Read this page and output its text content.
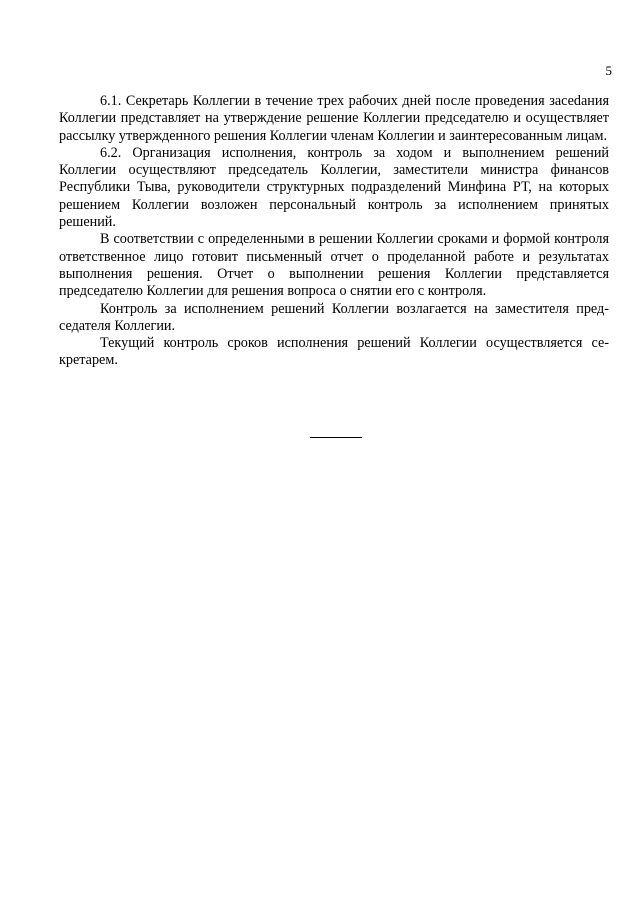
5

6.1. Секретарь Коллегии в течение трех рабочих дней после проведения засеdания Коллегии представляет на утверждение решение Коллегии председателю и осуществляет рассылку утвержденного решения Коллегии членам Коллегии и заинтересованным лицам.

6.2. Организация исполнения, контроль за ходом и выполнением решений Коллегии осуществляют председатель Коллегии, заместители министра финансов Республики Тыва, руководители структурных подразделений Минфина РТ, на которых решением Коллегии возложен персональный контроль за исполнением принятых решений.

В соответствии с определенными в решении Коллегии сроками и формой контроля ответственное лицо готовит письменный отчет о проделанной работе и результатах выполнения решения. Отчет о выполнении решения Коллегии представляется председателю Коллегии для решения вопроса о снятии его с контроля.

Контроль за исполнением решений Коллегии возлагается на заместителя председателя Коллегии.

Текущий контроль сроков исполнения решений Коллегии осуществляется секретарем.
